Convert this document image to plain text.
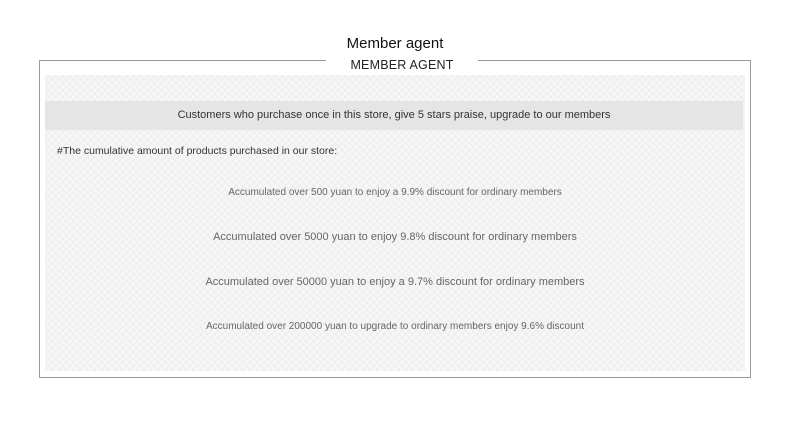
Member agent
Customers who purchase once in this store, give 5 stars praise, upgrade to our members
#The cumulative amount of products purchased in our store:
Accumulated over 500 yuan to enjoy a 9.9% discount for ordinary members
Accumulated over 5000 yuan to enjoy 9.8% discount for ordinary members
Accumulated over 50000 yuan to enjoy a 9.7% discount for ordinary members
Accumulated over 200000 yuan to upgrade to ordinary members enjoy 9.6% discount
MEMBER AGENT
